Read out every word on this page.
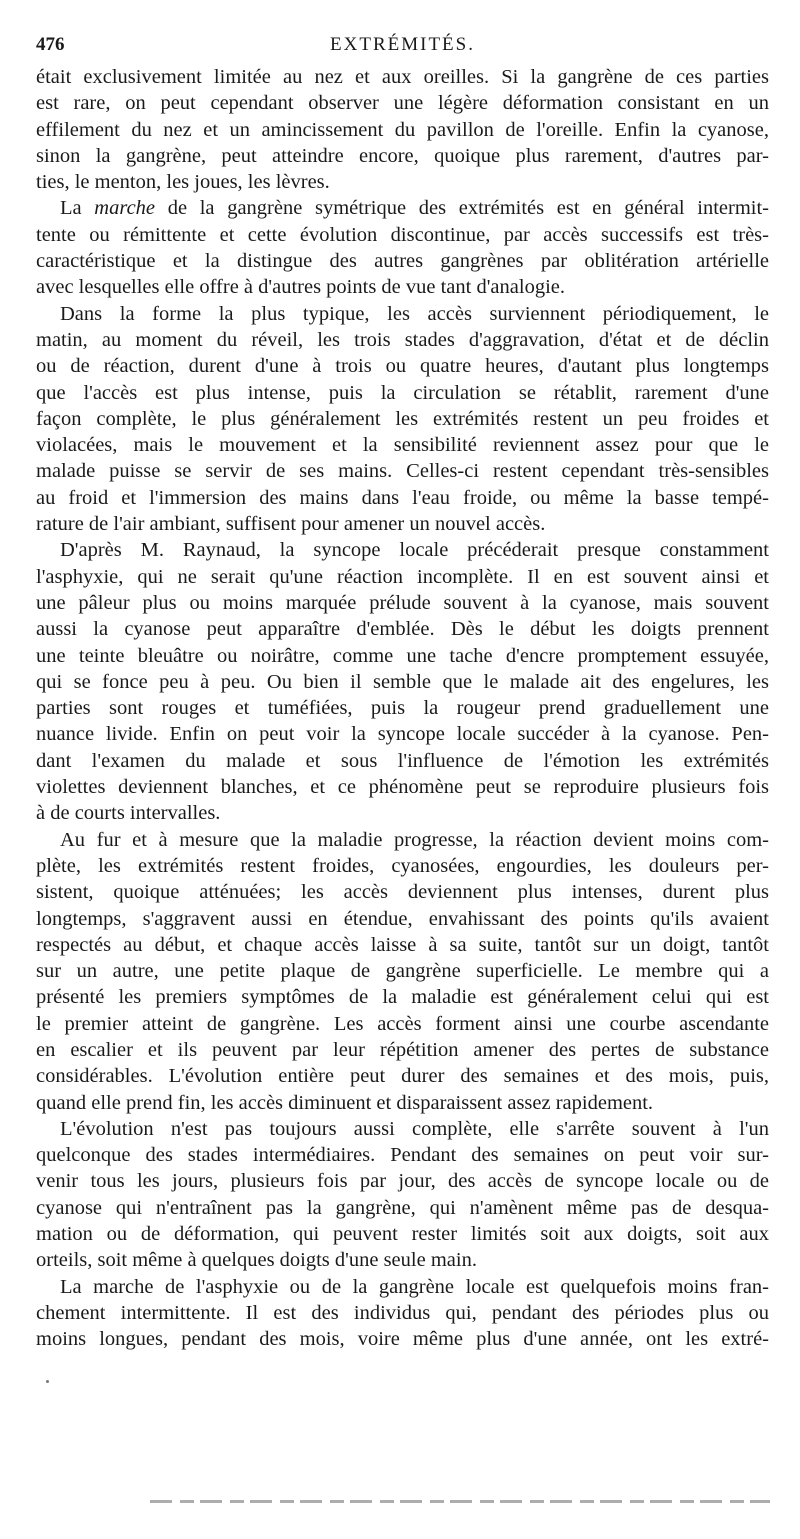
476	EXTRÉMITÉS.
était exclusivement limitée au nez et aux oreilles. Si la gangrène de ces parties
est rare, on peut cependant observer une légère déformation consistant en un
effilement du nez et un amincissement du pavillon de l'oreille. Enfin la cyanose,
sinon la gangrène, peut atteindre encore, quoique plus rarement, d'autres par-
ties, le menton, les joues, les lèvres.
La marche de la gangrène symétrique des extrémités est en général intermit-
tente ou rémittente et cette évolution discontinue, par accès successifs est très-
caractéristique et la distingue des autres gangrènes par oblitération artérielle
avec lesquelles elle offre à d'autres points de vue tant d'analogie.
Dans la forme la plus typique, les accès surviennent périodiquement, le
matin, au moment du réveil, les trois stades d'aggravation, d'état et de déclin
ou de réaction, durent d'une à trois ou quatre heures, d'autant plus longtemps
que l'accès est plus intense, puis la circulation se rétablit, rarement d'une
façon complète, le plus généralement les extrémités restent un peu froides et
violacées, mais le mouvement et la sensibilité reviennent assez pour que le
malade puisse se servir de ses mains. Celles-ci restent cependant très-sensibles
au froid et l'immersion des mains dans l'eau froide, ou même la basse tempé-
rature de l'air ambiant, suffisent pour amener un nouvel accès.
D'après M. Raynaud, la syncope locale précéderait presque constamment
l'asphyxie, qui ne serait qu'une réaction incomplète. Il en est souvent ainsi et
une pâleur plus ou moins marquée prélude souvent à la cyanose, mais souvent
aussi la cyanose peut apparaître d'emblée. Dès le début les doigts prennent
une teinte bleuâtre ou noirâtre, comme une tache d'encre promptement essuyée,
qui se fonce peu à peu. Ou bien il semble que le malade ait des engelures, les
parties sont rouges et tuméfiées, puis la rougeur prend graduellement une
nuance livide. Enfin on peut voir la syncope locale succéder à la cyanose. Pen-
dant l'examen du malade et sous l'influence de l'émotion les extrémités
violettes deviennent blanches, et ce phénomène peut se reproduire plusieurs fois
à de courts intervalles.
Au fur et à mesure que la maladie progresse, la réaction devient moins com-
plète, les extrémités restent froides, cyanosées, engourdies, les douleurs per-
sistent, quoique atténuées; les accès deviennent plus intenses, durent plus
longtemps, s'aggravent aussi en étendue, envahissant des points qu'ils avaient
respectés au début, et chaque accès laisse à sa suite, tantôt sur un doigt, tantôt
sur un autre, une petite plaque de gangrène superficielle. Le membre qui a
présenté les premiers symptômes de la maladie est généralement celui qui est
le premier atteint de gangrène. Les accès forment ainsi une courbe ascendante
en escalier et ils peuvent par leur répétition amener des pertes de substance
considérables. L'évolution entière peut durer des semaines et des mois, puis,
quand elle prend fin, les accès diminuent et disparaissent assez rapidement.
L'évolution n'est pas toujours aussi complète, elle s'arrête souvent à l'un
quelconque des stades intermédiaires. Pendant des semaines on peut voir sur-
venir tous les jours, plusieurs fois par jour, des accès de syncope locale ou de
cyanose qui n'entraînent pas la gangrène, qui n'amènent même pas de desqua-
mation ou de déformation, qui peuvent rester limités soit aux doigts, soit aux
orteils, soit même à quelques doigts d'une seule main.
La marche de l'asphyxie ou de la gangrène locale est quelquefois moins fran-
chement intermittente. Il est des individus qui, pendant des périodes plus ou
moins longues, pendant des mois, voire même plus d'une année, ont les extré-
